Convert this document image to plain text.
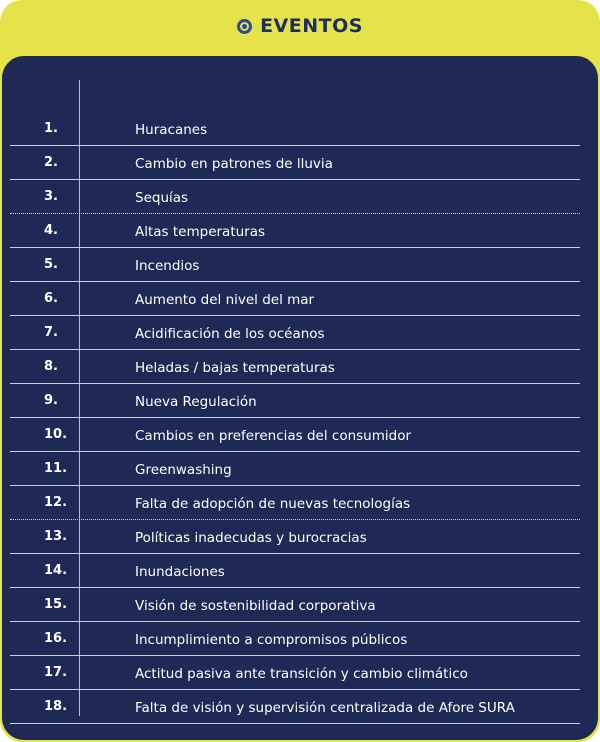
EVENTOS
1.	Huracanes
2.	Cambio en patrones de lluvia
3.	Sequías
4.	Altas temperaturas
5.	Incendios
6.	Aumento del nivel del mar
7.	Acidificación de los océanos
8.	Heladas / bajas temperaturas
9.	Nueva Regulación
10.	Cambios en preferencias del consumidor
11.	Greenwashing
12.	Falta de adopción de nuevas tecnologías
13.	Políticas inadecudas y burocracias
14.	Inundaciones
15.	Visión de sostenibilidad corporativa
16.	Incumplimiento a compromisos públicos
17.	Actitud pasiva ante transición y cambio climático
18.	Falta de visión y supervisión centralizada de Afore SURA
